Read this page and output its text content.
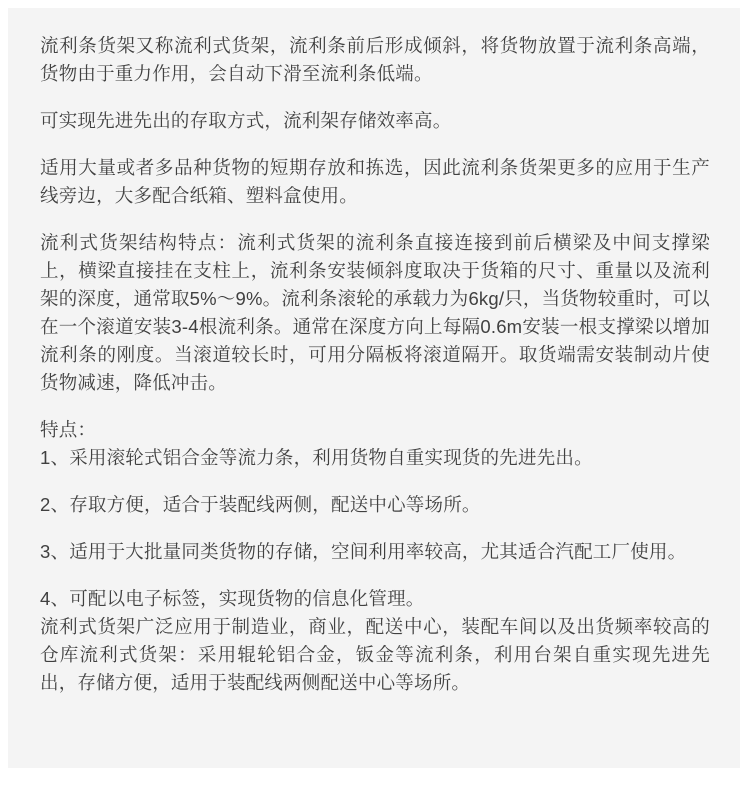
流利条货架又称流利式货架，流利条前后形成倾斜，将货物放置于流利条高端，货物由于重力作用，会自动下滑至流利条低端。

可实现先进先出的存取方式，流利架存储效率高。

适用大量或者多品种货物的短期存放和拣选，因此流利条货架更多的应用于生产线旁边，大多配合纸箱、塑料盒使用。

流利式货架结构特点：流利式货架的流利条直接连接到前后横梁及中间支撑梁上，横梁直接挂在支柱上，流利条安装倾斜度取决于货箱的尺寸、重量以及流利架的深度，通常取5%～9%。流利条滚轮的承载力为6kg/只，当货物较重时，可以在一个滚道安装3-4根流利条。通常在深度方向上每隔0.6m安装一根支撑梁以增加流利条的刚度。当滚道较长时，可用分隔板将滚道隔开。取货端需安装制动片使货物减速，降低冲击。

特点：

1、采用滚轮式铝合金等流力条，利用货物自重实现货的先进先出。

2、存取方便，适合于装配线两侧，配送中心等场所。

3、适用于大批量同类货物的存储，空间利用率较高，尤其适合汽配工厂使用。

4、可配以电子标签，实现货物的信息化管理。

流利式货架广泛应用于制造业，商业，配送中心，装配车间以及出货频率较高的仓库流利式货架：采用辊轮铝合金，钣金等流利条，利用台架自重实现先进先出，存储方便，适用于装配线两侧配送中心等场所。
